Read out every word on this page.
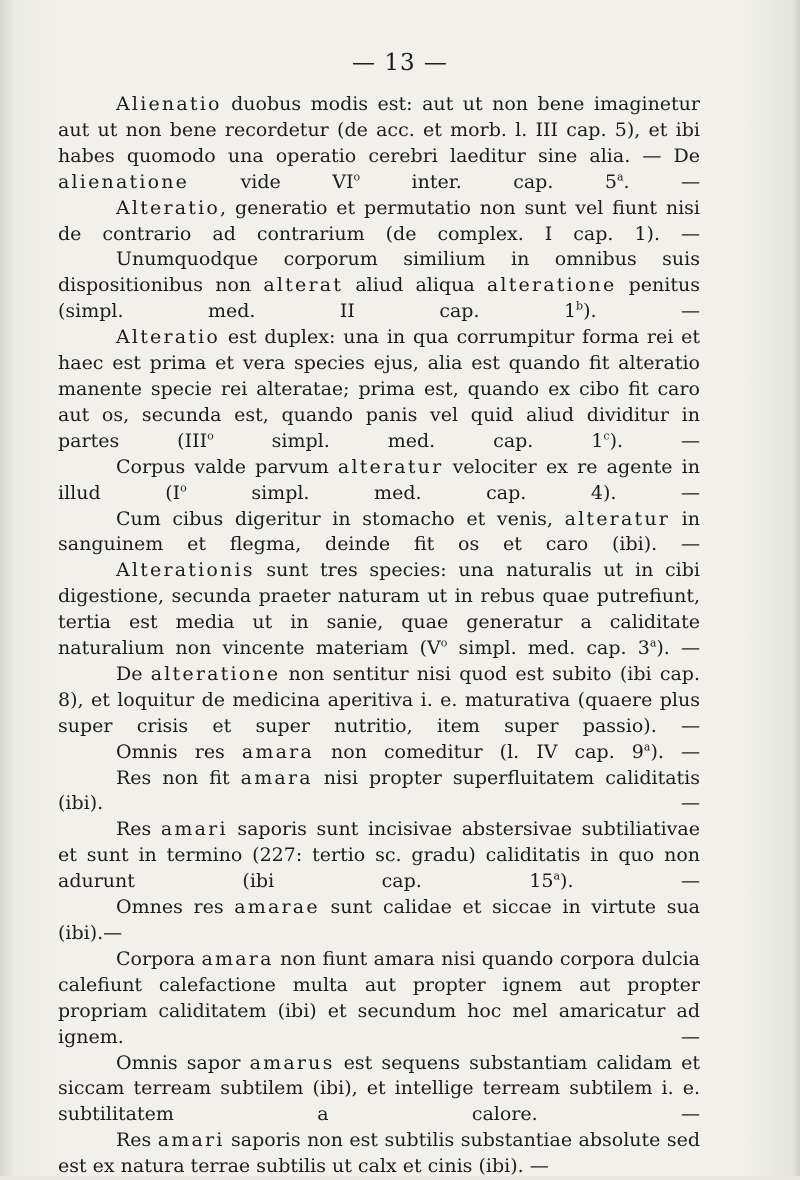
— 13 —

Alienatio duobus modis est: aut ut non bene imaginetur aut ut non bene recordetur (de acc. et morb. l. III cap. 5), et ibi habes quomodo una operatio cerebri laeditur sine alia. — De alienatione vide $VI^o$ inter. cap. 5$^a$. —

Alteratio, generatio et permutatio non sunt vel fiunt nisi de contrario ad contrarium (de complex. I cap. 1). —

Unumquodque corporum similium in omnibus suis dispositionibus non alterat aliud aliqua alteratione penitus (simpl. med. II cap. 1$^b$). —

Alteratio est duplex: una in qua corrumpitur forma rei et haec est prima et vera species ejus, alia est quando fit alteratio manente specie rei alteratae; prima est, quando ex cibo fit caro aut os, secunda est, quando panis vel quid aliud dividitur in partes (III$^o$ simpl. med. cap. 1$^c$). —

Corpus valde parvum alteratur velociter ex re agente in illud ($I^o$ simpl. med. cap. 4). —

Cum cibus digeritur in stomacho et venis, alteratur in sanguinem et flegma, deinde fit os et caro (ibi). —

Alterationis sunt tres species: una naturalis ut in cibi digestione, secunda praeter naturam ut in rebus quae putrefiunt, tertia est media ut in sanie, quae generatur a caliditate naturalium non vincente materiam ($V^o$ simpl. med. cap. 3$^a$). —

De alteratione non sentitur nisi quod est subito (ibi cap. 8), et loquitur de medicina aperitiva i. e. maturativa (quaere plus super crisis et super nutritio, item super passio). —

Omnis res amara non comeditur (l. IV cap. 9$^a$). —

Res non fit amara nisi propter superfluitatem caliditatis (ibi). —

Res amari saporis sunt incisivae abstersivae subtiliativae et sunt in termino (227: tertio sc. gradu) caliditatis in quo non adurunt (ibi cap. 15$^a$). —

Omnes res amarae sunt calidae et siccae in virtute sua (ibi).—

Corpora amara non fiunt amara nisi quando corpora dulcia calefiunt calefactione multa aut propter ignem aut propter propriam caliditatem (ibi) et secundum hoc mel amaricatur ad ignem. —

Omnis sapor amarus est sequens substantiam calidam et siccam terream subtilem (ibi), et intellige terream subtilem i. e. subtilitatem a calore. —

Res amari saporis non est subtilis substantiae absolute sed est ex natura terrae subtilis ut calx et cinis (ibi). —
